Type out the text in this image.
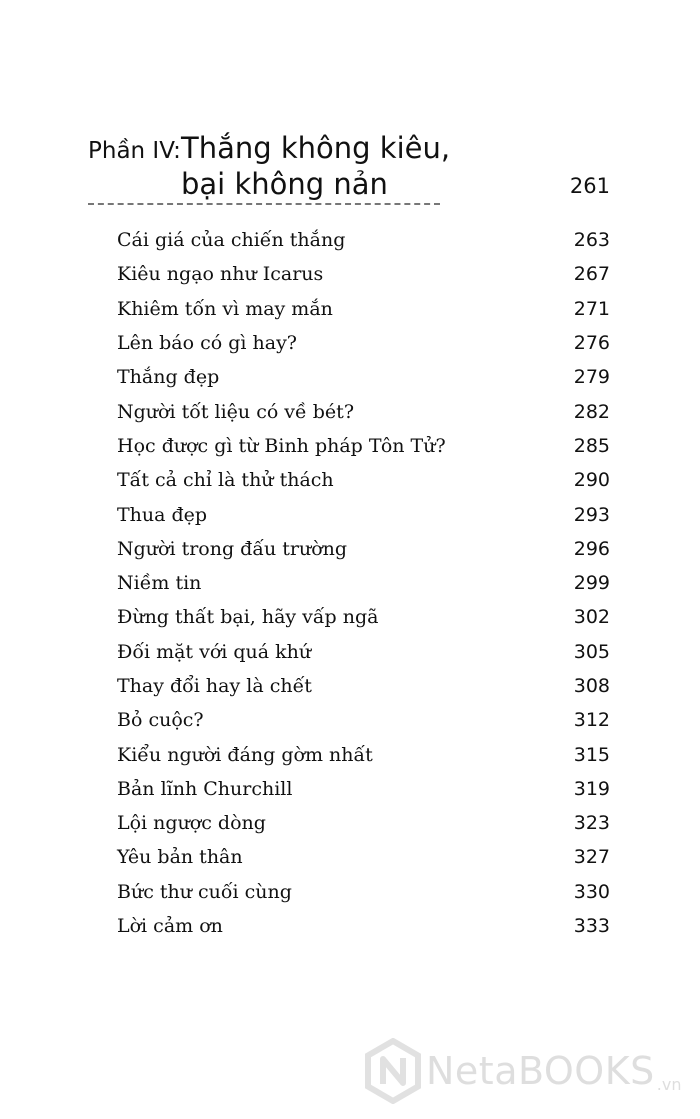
Phần IV: Thắng không kiêu,
bại không nản	261
Cái giá của chiến thắng	263
Kiêu ngạo như Icarus	267
Khiêm tốn vì may mắn	271
Lên báo có gì hay?	276
Thắng đẹp	279
Người tốt liệu có về bét?	282
Học được gì từ Binh pháp Tôn Tử?	285
Tất cả chỉ là thử thách	290
Thua đẹp	293
Người trong đấu trường	296
Niềm tin	299
Đừng thất bại, hãy vấp ngã	302
Đối mặt với quá khứ	305
Thay đổi hay là chết	308
Bỏ cuộc?	312
Kiểu người đáng gờm nhất	315
Bản lĩnh Churchill	319
Lội ngược dòng	323
Yêu bản thân	327
Bức thư cuối cùng	330
Lời cảm ơn	333
NetaBOOKS .vn
